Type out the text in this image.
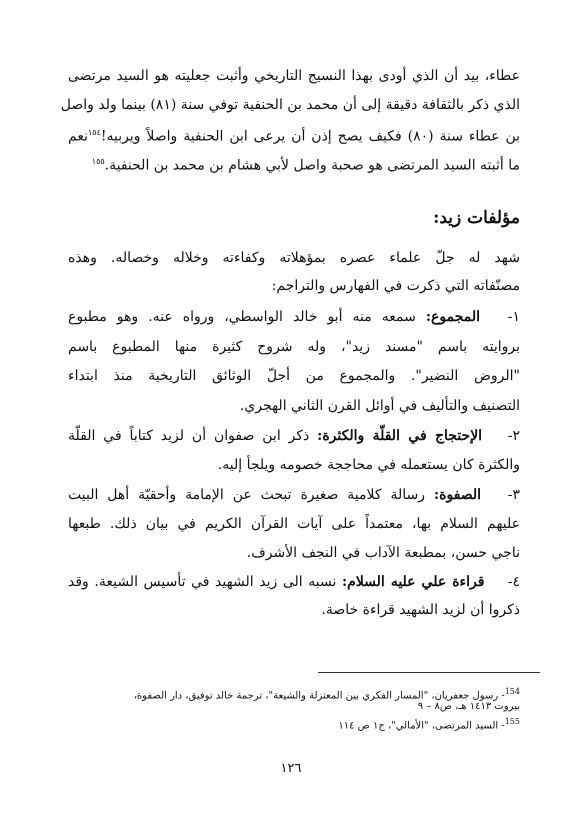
عطاء، بيد أن الذي أودى بهذا النسيج التاريخي وأثبت جعليته هو السيد مرتضى
الذي ذكر بالثقافة دقيقة إلى أن محمد بن الحنفية توفي سنة (٨١) بينما ولد واصل
بن عطاء سنة (٨٠) فكيف يصح إذن أن يرعى ابن الحنفية واصلاً ويربيه!$^{١٥٤}$نعم
ما أثبته السيد المرتضى هو صحبة واصل لأبي هشام بن محمد بن الحنفية.$^{١٥٥}$
مؤلفات زيد:
شهد له جلّ علماء عصره بمؤهلاته وكفاءته وخلاله وخصاله. وهذه
مصنّفاته التي ذكرت في الفهارس والتراجم:
١- المجموع: سمعه منه أبو خالد الواسطي، ورواه عنه. وهو مطبوع
بروايته باسم "مسند زيد"، وله شروح كثيرة منها المطبوع باسم
"الروض النضير". والمجموع من أجلّ الوثائق التاريخية منذ ابتداء
التصنيف والتأليف في أوائل القرن الثاني الهجري.
٢- الإحتجاج في القلّة والكثرة: ذكر ابن صفوان أن لزيد كتاباً في القلّة
والكثرة كان يستعمله في محاججة خصومه ويلجأ إليه.
٣- الصفوة: رسالة كلامية صغيرة تبحث عن الإمامة وأحقيّة أهل البيت
عليهم السلام بها، معتمداً على آيات القرآن الكريم في بيان ذلك. طبعها
ناجي حسن، بمطبعة الآداب في النجف الأشرف.
٤- قراءة علي عليه السلام: نسبه الى زيد الشهيد في تأسيس الشيعة. وقد
ذكروا أن لزيد الشهيد قراءة خاصة.
$^{154}$- رسول جعفريان، "المسار الفكري بين المعتزلة والشيعة"، ترجمة خالد توفيق، دار الصفوة،
بيروت ١٤١٣ هـ، ص٨ – ٩
$^{155}$- السيد المرتضى، "الأمالي"، ج١ ص ١١٤
١٢٦
